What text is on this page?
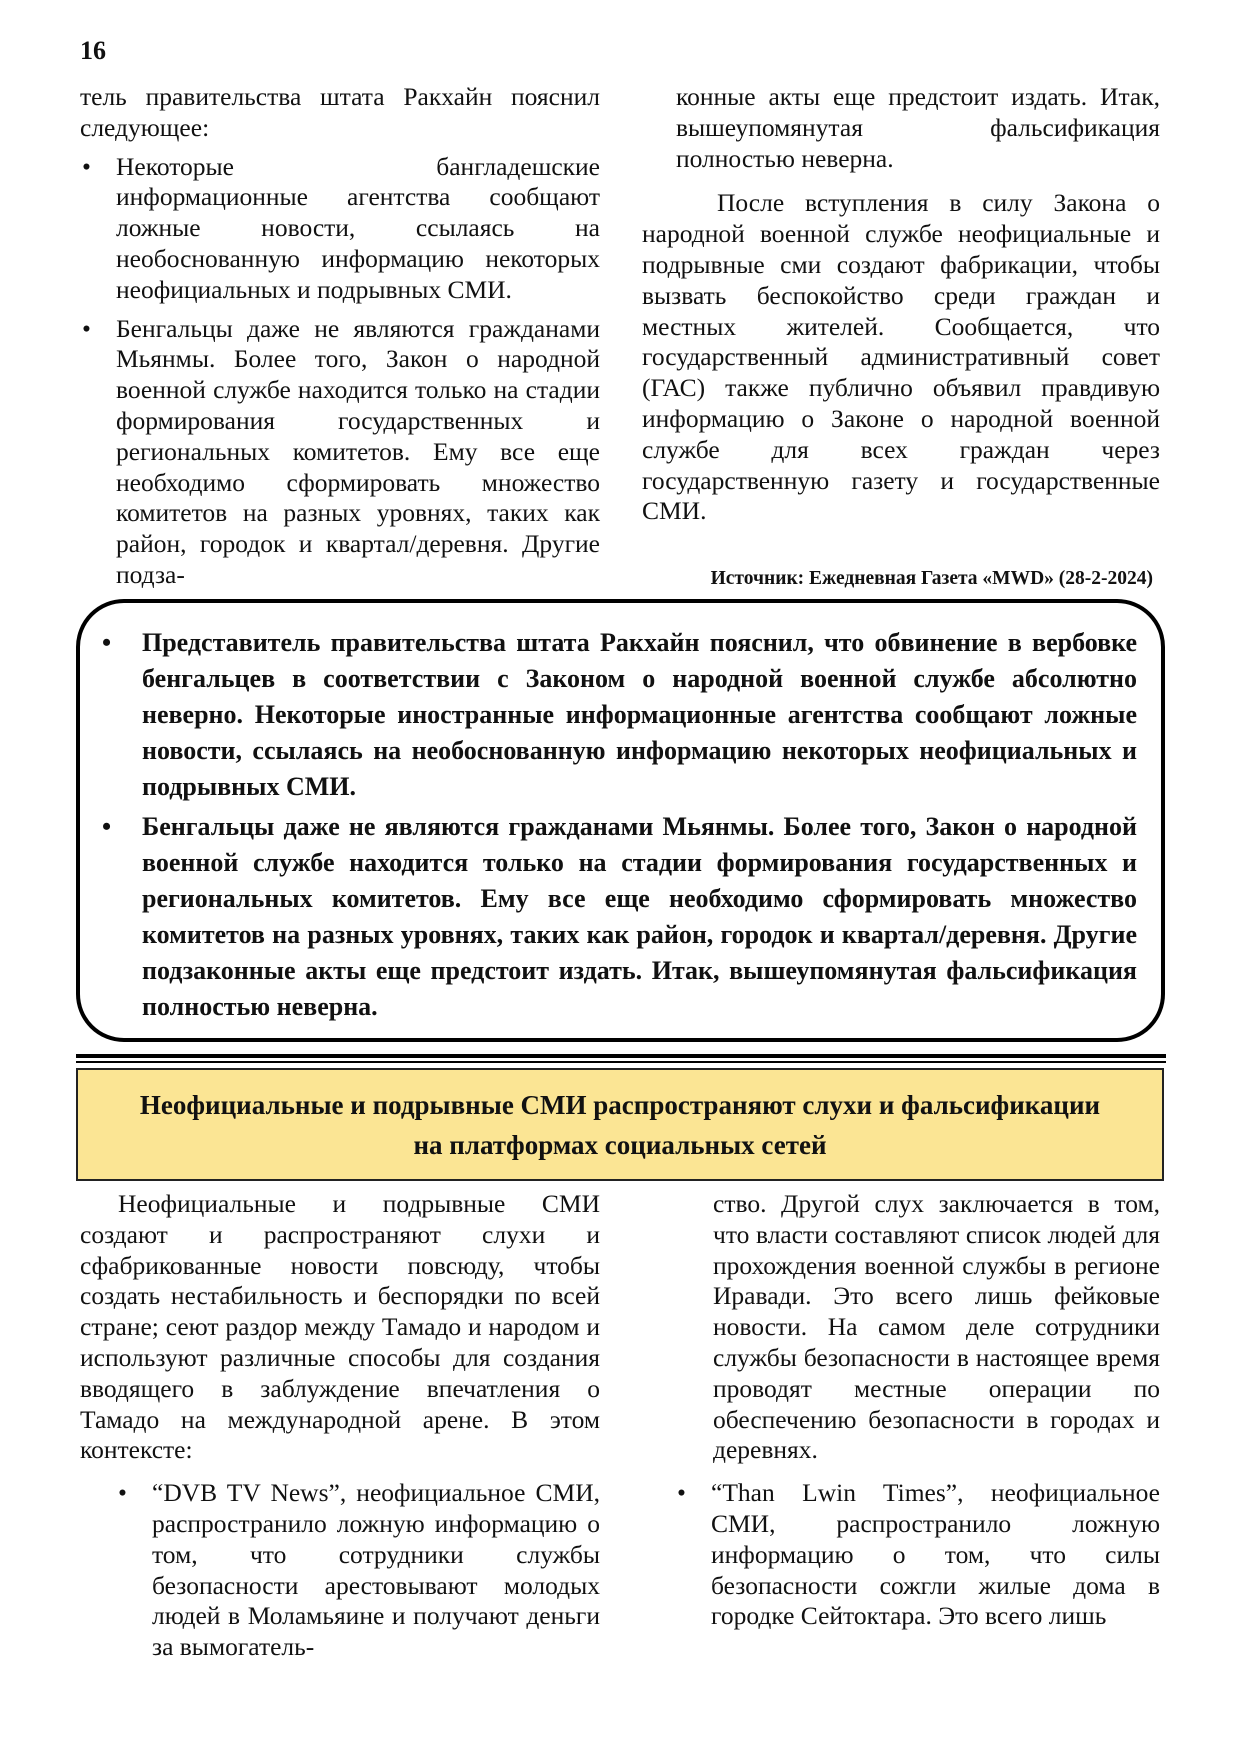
16

тель правительства штата Ракхайн пояснил следующее:

• Некоторые бангладешские информационные агентства сообщают ложные новости, ссылаясь на необоснованную информацию некоторых неофициальных и подрывных СМИ.
• Бенгальцы даже не являются гражданами Мьянмы. Более того, Закон о народной военной службе находится только на стадии формирования государственных и региональных комитетов. Ему все еще необходимо сформировать множество комитетов на разных уровнях, таких как район, городок и квартал/деревня. Другие подза-

конные акты еще предстоит издать. Итак, вышеупомянутая фальсификация полностью неверна.

После вступления в силу Закона о народной военной службе неофициальные и подрывные сми создают фабрикации, чтобы вызвать беспокойство среди граждан и местных жителей. Сообщается, что государственный административный совет (ГАС) также публично объявил правдивую информацию о Законе о народной военной службе для всех граждан через государственную газету и государственные СМИ.

Источник: Ежедневная Газета «MWD» (28-2-2024)
• Представитель правительства штата Ракхайн пояснил, что обвинение в вербовке бенгальцев в соответствии с Законом о народной военной службе абсолютно неверно. Некоторые иностранные информационные агентства сообщают ложные новости, ссылаясь на необоснованную информацию некоторых неофициальных и подрывных СМИ.
• Бенгальцы даже не являются гражданами Мьянмы. Более того, Закон о народной военной службе находится только на стадии формирования государственных и региональных комитетов. Ему все еще необходимо сформировать множество комитетов на разных уровнях, таких как район, городок и квартал/деревня. Другие подзаконные акты еще предстоит издать. Итак, вышеупомянутая фальсификация полностью неверна.
Неофициальные и подрывные СМИ распространяют слухи и фальсификации на платформах социальных сетей

Неофициальные и подрывные СМИ создают и распространяют слухи и сфабрикованные новости повсюду, чтобы создать нестабильность и беспорядки по всей стране; сеют раздор между Тамадо и народом и используют различные способы для создания вводящего в заблуждение впечатления о Тамадо на международной арене. В этом контексте:

• “DVB TV News”, неофициальное СМИ, распространило ложную информацию о том, что сотрудники службы безопасности арестовывают молодых людей в Моламьяине и получают деньги за вымогатель-

ство. Другой слух заключается в том, что власти составляют список людей для прохождения военной службы в регионе Иравади. Это всего лишь фейковые новости. На самом деле сотрудники службы безопасности в настоящее время проводят местные операции по обеспечению безопасности в городах и деревнях.

• “Than Lwin Times”, неофициальное СМИ, распространило ложную информацию о том, что силы безопасности сожгли жилые дома в городке Сейтоктара. Это всего лишь
